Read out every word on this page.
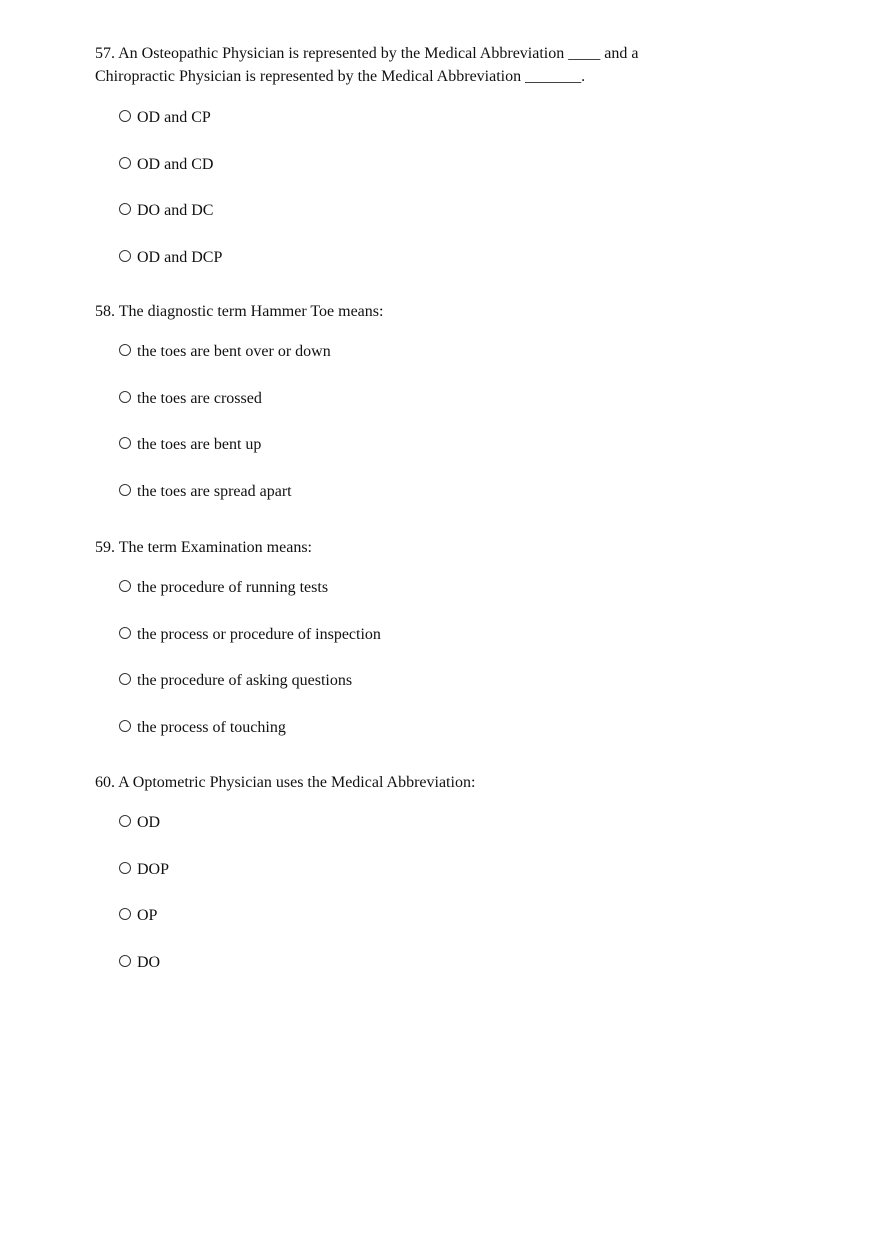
57. An Osteopathic Physician is represented by the Medical Abbreviation ____ and a Chiropractic Physician is represented by the Medical Abbreviation _______.

OD and CP
OD and CD
DO and DC
OD and DCP

58. The diagnostic term Hammer Toe means:

the toes are bent over or down
the toes are crossed
the toes are bent up
the toes are spread apart

59. The term Examination means:

the procedure of running tests
the process or procedure of inspection
the procedure of asking questions
the process of touching

60. A Optometric Physician uses the Medical Abbreviation:

OD
DOP
OP
DO
